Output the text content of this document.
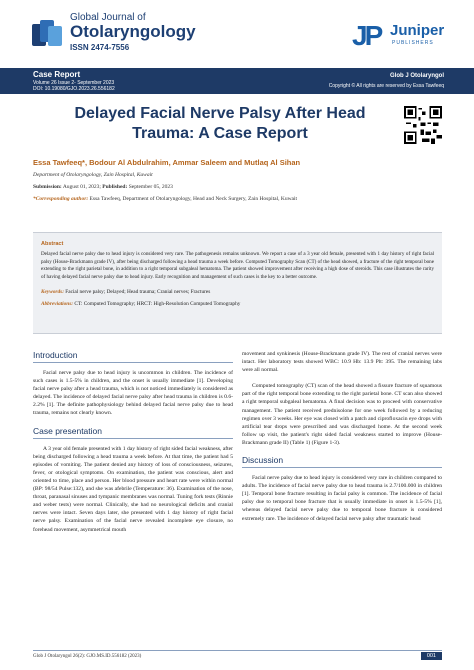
Global Journal of
Otolaryngology
ISSN 2474-7556	JP Juniper
PUBLISHERS
Case Report
Volume 26 Issue 2- September 2023
DOI: 10.19080/GJO.2023.26.556182
Glob J Otolaryngol
Copyright © All rights are reserved by Essa Tawfeeq
Delayed Facial Nerve Palsy After Head Trauma: A Case Report
Essa Tawfeeq*, Bodour Al Abdulrahim, Ammar Saleem and Mutlaq Al Sihan
Department of Otolaryngology, Zain Hospital, Kuwait
Submission: August 01, 2023; Published: September 05, 2023
*Corresponding author: Essa Tawfeeq, Department of Otolaryngology, Head and Neck Surgery, Zain Hospital, Kuwait
Abstract
Delayed facial nerve palsy due to head injury is considered very rare. The pathogenesis remains unknown. We report a case of a 3 year old female, presented with 1 day history of right facial palsy (House-Brackmann grade IV), after being discharged following a head trauma a week before. Computed Tomography Scan (CT) of the head showed, a fracture of the right temporal bone extending to the right parietal bone, in addition to a right temporal subgaleal hematoma. The patient showed improvement after receiving a high dose of steroids. This case illustrates the rarity of having delayed facial nerve palsy due to head injury. Early recognition and management of such cases is the key to a better outcome.
Keywords: Facial nerve palsy; Delayed; Head trauma; Cranial nerves; Fractures
Abbreviations: CT: Computed Tomography; HRCT: High-Resolution Computed Tomography
Introduction
Facial nerve palsy due to head injury is uncommon in children. The incidence of such cases is 1.5-5% in children, and the onset is usually immediate [1]. Developing facial nerve palsy after a head trauma, which is not noticed immediately is considered as delayed. The incidence of delayed facial nerve palsy after head trauma in children is 0.6-2.2% [1]. The definite pathophysiology behind delayed facial nerve palsy due to head trauma, remains not clearly known.
Case presentation
A 3 year old female presented with 1 day history of right sided facial weakness, after being discharged following a head trauma a week before. At that time, the patient had 5 episodes of vomiting. The patient denied any history of loss of consciousness, seizures, fever, or otological symptoms. On examination, the patient was conscious, alert and oriented to time, place and person. Her blood pressure and heart rate were within normal (BP: 98/54 Pulse:132), and she was afebrile (Temperature: 36). Examination of the nose, throat, paranasal sinuses and tympanic membranes was normal. Tuning fork tests (Rinnie and weber tests) were normal. Clinically, she had no neurological deficits and cranial nerves were intact. Seven days later, she presented with 1 day history of right facial nerve palsy. Examination of the facial nerve revealed incomplete eye closure, no forehead movement, asymmetrical mouth
movement and synkinesis (House-Brackmann grade IV). The rest of cranial nerves were intact. Her laboratory tests showed WBC: 10.9 Hb: 13.9 Plt: 395. The remaining labs were all normal.
Computed tomography (CT) scan of the head showed a fissure fracture of squamous part of the right temporal bone extending to the right parietal bone. CT scan also showed a right temporal subgaleal hematoma. A final decision was to proceed with conservative management. The patient received prednisolone for one week followed by a reducing regimen over 3 weeks. Her eye was closed with a patch and ciprofloxacin eye drops with artificial tear drops were prescribed and was discharged home. At the second week follow up visit, the patient's right sided facial weakness started to improve (House-Brackmann grade II) (Table 1) (Figure 1-3).
Discussion
Facial nerve palsy due to head injury is considered very rare in children compared to adults. The incidence of facial nerve palsy due to head trauma is 2.7/100.000 in children [1]. Temporal bone fracture resulting in facial palsy is common. The incidence of facial palsy due to temporal bone fracture that is usually immediate in onset is 1.5-5% [1], whereas delayed facial nerve palsy due to temporal bone fracture is considered extremely rare. The incidence of delayed facial nerve palsy after traumatic head
Glob J Otolaryngol 26(2): GJO.MS.ID.556182 (2023)	001
